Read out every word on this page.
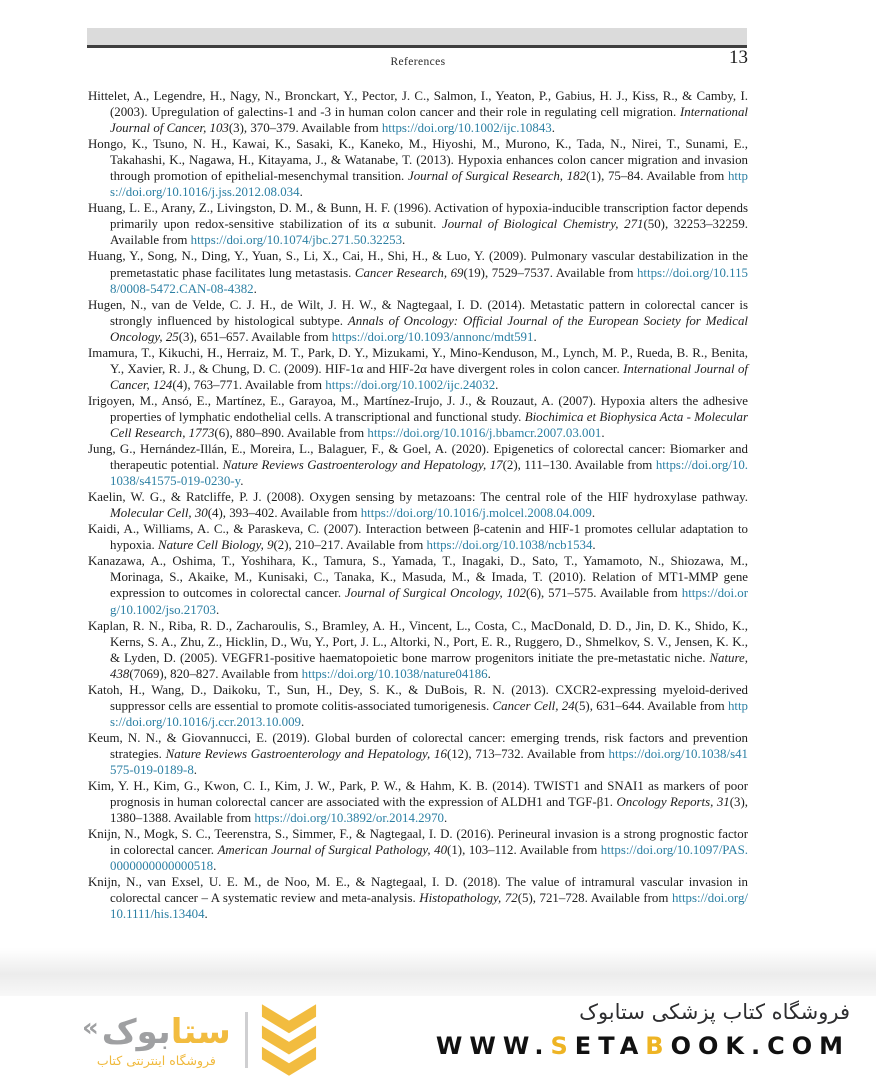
References	13

Hittelet, A., Legendre, H., Nagy, N., Bronckart, Y., Pector, J. C., Salmon, I., Yeaton, P., Gabius, H. J., Kiss, R., & Camby, I. (2003). Upregulation of galectins-1 and -3 in human colon cancer and their role in regulating cell migration. International Journal of Cancer, 103(3), 370–379. Available from https://doi.org/10.1002/ijc.10843.

Hongo, K., Tsuno, N. H., Kawai, K., Sasaki, K., Kaneko, M., Hiyoshi, M., Murono, K., Tada, N., Nirei, T., Sunami, E., Takahashi, K., Nagawa, H., Kitayama, J., & Watanabe, T. (2013). Hypoxia enhances colon cancer migration and invasion through promotion of epithelial-mesenchymal transition. Journal of Surgical Research, 182(1), 75–84. Available from https://doi.org/10.1016/j.jss.2012.08.034.

Huang, L. E., Arany, Z., Livingston, D. M., & Bunn, H. F. (1996). Activation of hypoxia-inducible transcription factor depends primarily upon redox-sensitive stabilization of its α subunit. Journal of Biological Chemistry, 271(50), 32253–32259. Available from https://doi.org/10.1074/jbc.271.50.32253.

Huang, Y., Song, N., Ding, Y., Yuan, S., Li, X., Cai, H., Shi, H., & Luo, Y. (2009). Pulmonary vascular destabilization in the premetastatic phase facilitates lung metastasis. Cancer Research, 69(19), 7529–7537. Available from https://doi.org/10.1158/0008-5472.CAN-08-4382.

Hugen, N., van de Velde, C. J. H., de Wilt, J. H. W., & Nagtegaal, I. D. (2014). Metastatic pattern in colorectal cancer is strongly influenced by histological subtype. Annals of Oncology: Official Journal of the European Society for Medical Oncology, 25(3), 651–657. Available from https://doi.org/10.1093/annonc/mdt591.

Imamura, T., Kikuchi, H., Herraiz, M. T., Park, D. Y., Mizukami, Y., Mino-Kenduson, M., Lynch, M. P., Rueda, B. R., Benita, Y., Xavier, R. J., & Chung, D. C. (2009). HIF-1α and HIF-2α have divergent roles in colon cancer. International Journal of Cancer, 124(4), 763–771. Available from https://doi.org/10.1002/ijc.24032.

Irigoyen, M., Ansó, E., Martínez, E., Garayoa, M., Martínez-Irujo, J. J., & Rouzaut, A. (2007). Hypoxia alters the adhesive properties of lymphatic endothelial cells. A transcriptional and functional study. Biochimica et Biophysica Acta - Molecular Cell Research, 1773(6), 880–890. Available from https://doi.org/10.1016/j.bbamcr.2007.03.001.

Jung, G., Hernández-Illán, E., Moreira, L., Balaguer, F., & Goel, A. (2020). Epigenetics of colorectal cancer: Biomarker and therapeutic potential. Nature Reviews Gastroenterology and Hepatology, 17(2), 111–130. Available from https://doi.org/10.1038/s41575-019-0230-y.

Kaelin, W. G., & Ratcliffe, P. J. (2008). Oxygen sensing by metazoans: The central role of the HIF hydroxylase pathway. Molecular Cell, 30(4), 393–402. Available from https://doi.org/10.1016/j.molcel.2008.04.009.

Kaidi, A., Williams, A. C., & Paraskeva, C. (2007). Interaction between β-catenin and HIF-1 promotes cellular adaptation to hypoxia. Nature Cell Biology, 9(2), 210–217. Available from https://doi.org/10.1038/ncb1534.

Kanazawa, A., Oshima, T., Yoshihara, K., Tamura, S., Yamada, T., Inagaki, D., Sato, T., Yamamoto, N., Shiozawa, M., Morinaga, S., Akaike, M., Kunisaki, C., Tanaka, K., Masuda, M., & Imada, T. (2010). Relation of MT1-MMP gene expression to outcomes in colorectal cancer. Journal of Surgical Oncology, 102(6), 571–575. Available from https://doi.org/10.1002/jso.21703.

Kaplan, R. N., Riba, R. D., Zacharoulis, S., Bramley, A. H., Vincent, L., Costa, C., MacDonald, D. D., Jin, D. K., Shido, K., Kerns, S. A., Zhu, Z., Hicklin, D., Wu, Y., Port, J. L., Altorki, N., Port, E. R., Ruggero, D., Shmelkov, S. V., Jensen, K. K., & Lyden, D. (2005). VEGFR1-positive haematopoietic bone marrow progenitors initiate the pre-metastatic niche. Nature, 438(7069), 820–827. Available from https://doi.org/10.1038/nature04186.

Katoh, H., Wang, D., Daikoku, T., Sun, H., Dey, S. K., & DuBois, R. N. (2013). CXCR2-expressing myeloid-derived suppressor cells are essential to promote colitis-associated tumorigenesis. Cancer Cell, 24(5), 631–644. Available from https://doi.org/10.1016/j.ccr.2013.10.009.

Keum, N. N., & Giovannucci, E. (2019). Global burden of colorectal cancer: emerging trends, risk factors and prevention strategies. Nature Reviews Gastroenterology and Hepatology, 16(12), 713–732. Available from https://doi.org/10.1038/s41575-019-0189-8.

Kim, Y. H., Kim, G., Kwon, C. I., Kim, J. W., Park, P. W., & Hahm, K. B. (2014). TWIST1 and SNAI1 as markers of poor prognosis in human colorectal cancer are associated with the expression of ALDH1 and TGF-β1. Oncology Reports, 31(3), 1380–1388. Available from https://doi.org/10.3892/or.2014.2970.

Knijn, N., Mogk, S. C., Teerenstra, S., Simmer, F., & Nagtegaal, I. D. (2016). Perineural invasion is a strong prognostic factor in colorectal cancer. American Journal of Surgical Pathology, 40(1), 103–112. Available from https://doi.org/10.1097/PAS.0000000000000518.

Knijn, N., van Exsel, U. E. M., de Noo, M. E., & Nagtegaal, I. D. (2018). The value of intramural vascular invasion in colorectal cancer – A systematic review and meta-analysis. Histopathology, 72(5), 721–728. Available from https://doi.org/10.1111/his.13404.

« بوک ستا
فروشگاه اینترنتی کتاب
فروشگاه کتاب پزشکی ستابوک
WWW.SETABOOK.COM
